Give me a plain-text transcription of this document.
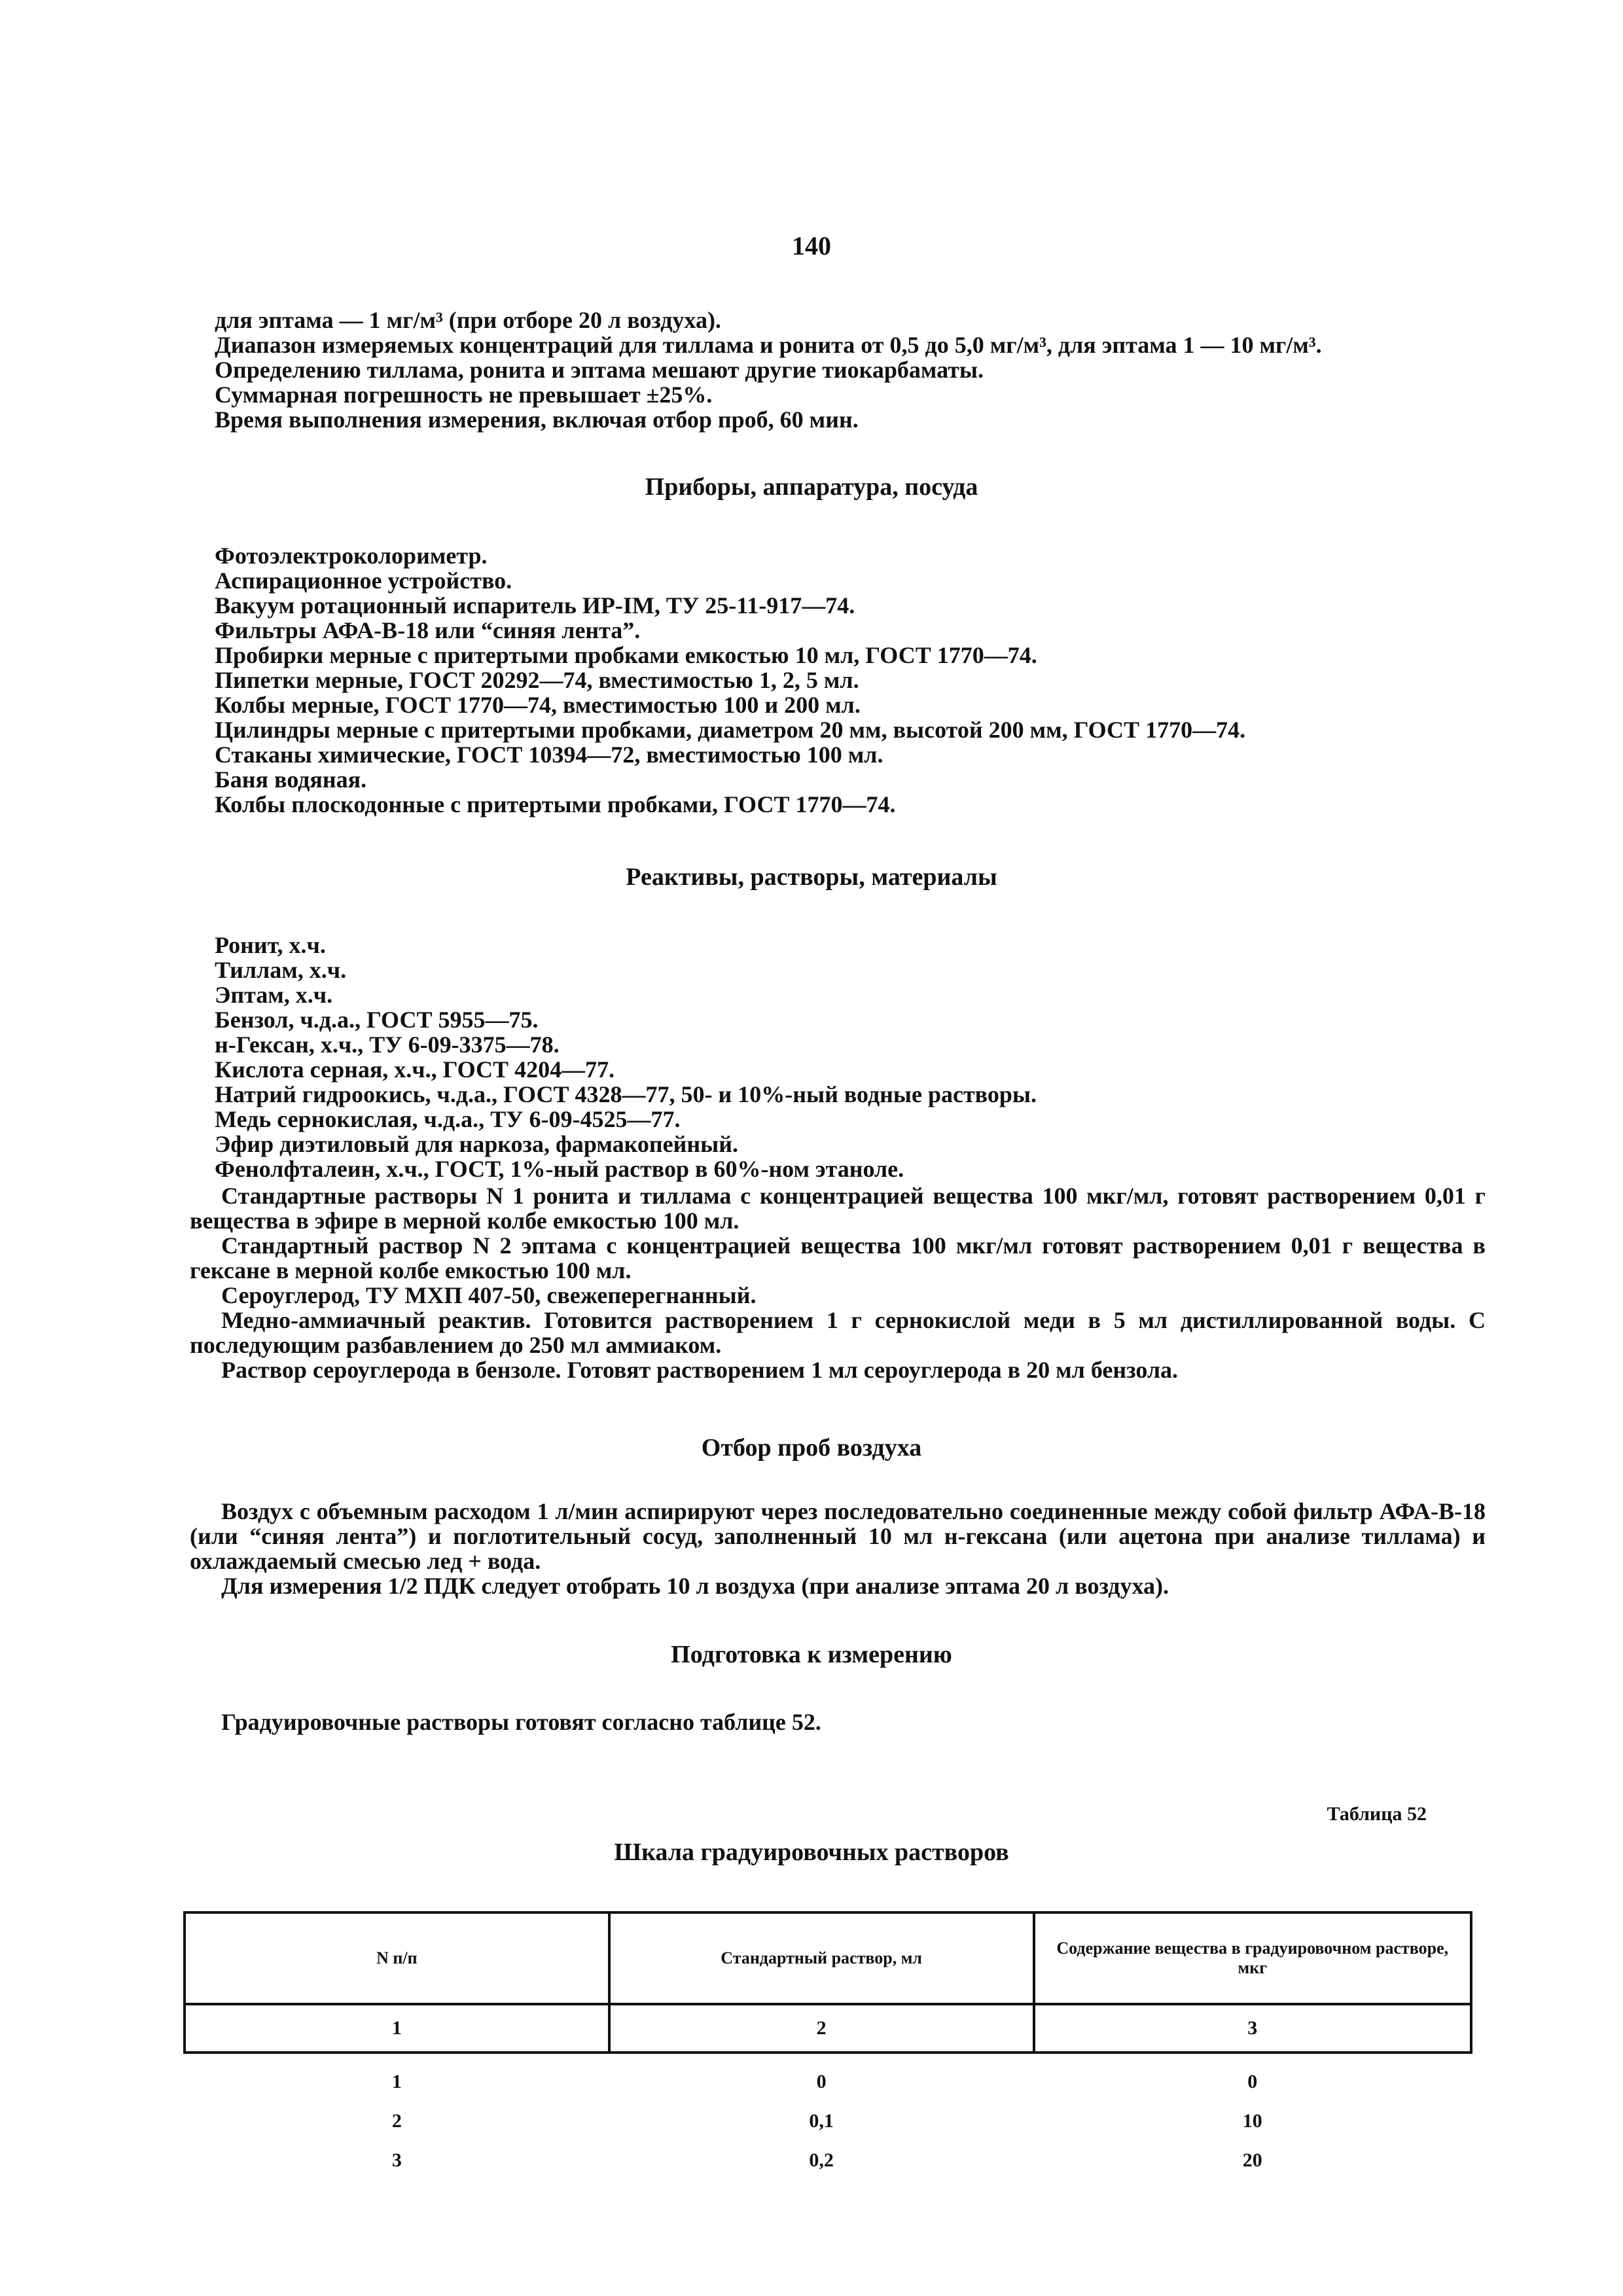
140

для эптама — 1 мг/м³ (при отборе 20 л воздуха).

Диапазон измеряемых концентраций для тиллама и ронита от 0,5 до 5,0 мг/м³, для эптама 1 — 10 мг/м³.

Определению тиллама, ронита и эптама мешают другие тиокарбаматы.

Суммарная погрешность не превышает ±25%.

Время выполнения измерения, включая отбор проб, 60 мин.

Приборы, аппаратура, посуда

Фотоэлектроколориметр.

Аспирационное устройство.

Вакуум ротационный испаритель ИР-IM, ТУ 25-11-917—74.

Фильтры АФА-В-18 или “синяя лента”.

Пробирки мерные с притертыми пробками емкостью 10 мл, ГОСТ 1770—74.

Пипетки мерные, ГОСТ 20292—74, вместимостью 1, 2, 5 мл.

Колбы мерные, ГОСТ 1770—74, вместимостью 100 и 200 мл.

Цилиндры мерные с притертыми пробками, диаметром 20 мм, высотой 200 мм, ГОСТ 1770—74.

Стаканы химические, ГОСТ 10394—72, вместимостью 100 мл.

Баня водяная.

Колбы плоскодонные с притертыми пробками, ГОСТ 1770—74.

Реактивы, растворы, материалы

Ронит, х.ч.

Тиллам, х.ч.

Эптам, х.ч.

Бензол, ч.д.а., ГОСТ 5955—75.

н-Гексан, х.ч., ТУ 6-09-3375—78.

Кислота серная, х.ч., ГОСТ 4204—77.

Натрий гидроокись, ч.д.а., ГОСТ 4328—77, 50- и 10%-ный водные растворы.

Медь сернокислая, ч.д.а., ТУ 6-09-4525—77.

Эфир диэтиловый для наркоза, фармакопейный.

Фенолфталеин, х.ч., ГОСТ, 1%-ный раствор в 60%-ном этаноле.

Стандартные растворы N 1 ронита и тиллама с концентрацией вещества 100 мкг/мл, готовят растворением 0,01 г вещества в эфире в мерной колбе емкостью 100 мл.

Стандартный раствор N 2 эптама с концентрацией вещества 100 мкг/мл готовят растворением 0,01 г вещества в гексане в мерной колбе емкостью 100 мл.

Сероуглерод, ТУ МХП 407-50, свежеперегнанный.

Медно-аммиачный реактив. Готовится растворением 1 г сернокислой меди в 5 мл дистиллированной воды. С последующим разбавлением до 250 мл аммиаком.

Раствор сероуглерода в бензоле. Готовят растворением 1 мл сероуглерода в 20 мл бензола.

Отбор проб воздуха

Воздух с объемным расходом 1 л/мин аспирируют через последовательно соединенные между собой фильтр АФА-В-18 (или “синяя лента”) и поглотительный сосуд, заполненный 10 мл н-гексана (или ацетона при анализе тиллама) и охлаждаемый смесью лед + вода.

Для измерения 1/2 ПДК следует отобрать 10 л воздуха (при анализе эптама 20 л воздуха).

Подготовка к измерению
Градуировочные растворы готовят согласно таблице 52.
Таблица 52
Шкала градуировочных растворов
N п/п	Стандартный раствор, мл	Содержание вещества в градуировочном растворе, мкг
1	2	3
1	0	0
2	0,1	10
3	0,2	20
